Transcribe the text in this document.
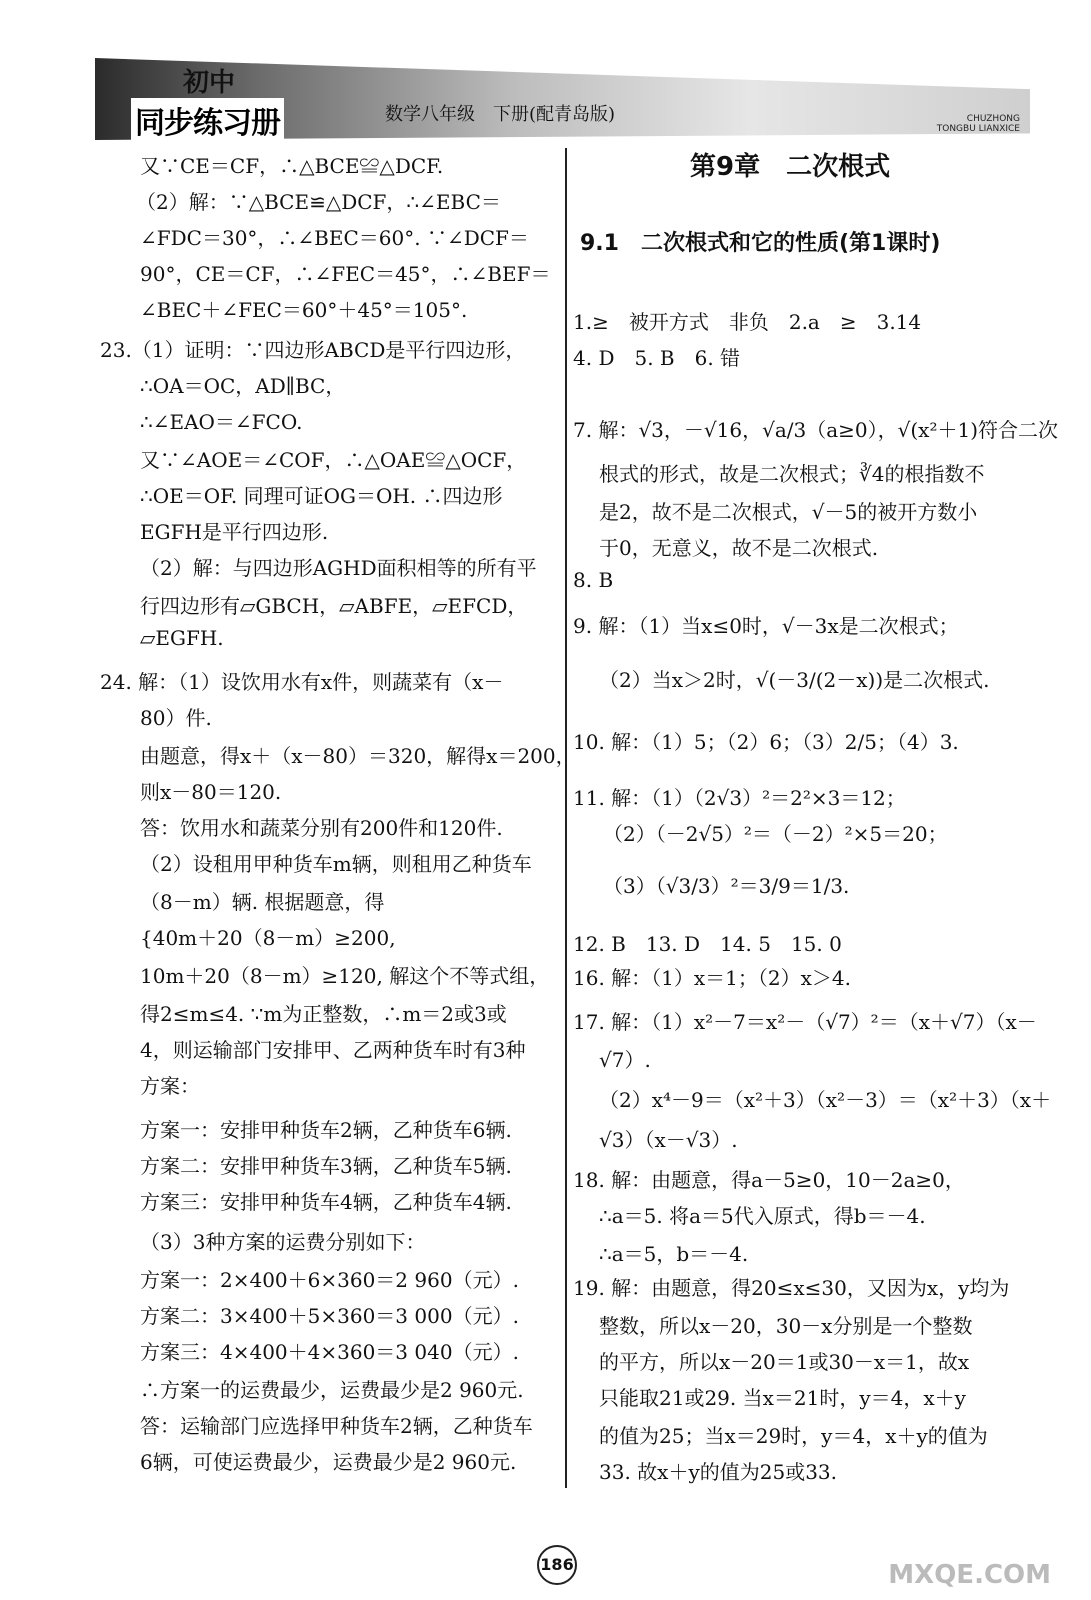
初中
同步练习册	数学八年级　下册(配青岛版)	CHUZHONG
TONGBU LIANXICE
又∵CE＝CF，∴△BCE≌△DCF.
（2）解：∵△BCE≌△DCF，∴∠EBC＝
∠FDC＝30°，∴∠BEC＝60°. ∵∠DCF＝
90°，CE＝CF，∴∠FEC＝45°，∴∠BEF＝
∠BEC＋∠FEC＝60°＋45°＝105°.
23.（1）证明：∵四边形ABCD是平行四边形，
∴OA＝OC，AD∥BC，
∴∠EAO＝∠FCO.
又∵∠AOE＝∠COF，∴△OAE≌△OCF，
∴OE＝OF. 同理可证OG＝OH. ∴四边形
EGFH是平行四边形.
（2）解：与四边形AGHD面积相等的所有平
行四边形有▱GBCH，▱ABFE，▱EFCD，
▱EGFH.
24. 解：（1）设饮用水有x件，则蔬菜有（x－
80）件.
由题意，得x＋（x－80）＝320，解得x＝200，
则x－80＝120.
答：饮用水和蔬菜分别有200件和120件.
（2）设租用甲种货车m辆，则租用乙种货车
（8－m）辆. 根据题意，得
{40m＋20（8－m）≥200,
10m＋20（8－m）≥120, 解这个不等式组，
得2≤m≤4. ∵m为正整数，∴m＝2或3或
4，则运输部门安排甲、乙两种货车时有3种
方案：
方案一：安排甲种货车2辆，乙种货车6辆.
方案二：安排甲种货车3辆，乙种货车5辆.
方案三：安排甲种货车4辆，乙种货车4辆.
（3）3种方案的运费分别如下：
方案一：2×400＋6×360＝2 960（元）.
方案二：3×400＋5×360＝3 000（元）.
方案三：4×400＋4×360＝3 040（元）.
∴方案一的运费最少，运费最少是2 960元.
答：运输部门应选择甲种货车2辆，乙种货车
6辆，可使运费最少，运费最少是2 960元.
第9章　二次根式
9.1　二次根式和它的性质(第1课时)
1.≥　被开方式　非负　2.a　≥　3.14
4. D　5. B　6. 错
7. 解：√3，－√16，√a/3（a≥0），√(x²＋1)符合二次
根式的形式，故是二次根式；∛4的根指数不
是2，故不是二次根式，√－5的被开方数小
于0，无意义，故不是二次根式.
8. B
9. 解：（1）当x≤0时，√－3x是二次根式；
（2）当x＞2时，√(－3/(2－x))是二次根式.
10. 解：（1）5；（2）6；（3）2/5；（4）3.
11. 解：（1）（2√3）²＝2²×3＝12；
（2）（－2√5）²＝（－2）²×5＝20；
（3）（√3/3）²＝3/9＝1/3.
12. B　13. D　14. 5　15. 0
16. 解：（1）x＝1；（2）x＞4.
17. 解：（1）x²－7＝x²－（√7）²＝（x＋√7）（x－
√7）.
（2）x⁴－9＝（x²＋3）（x²－3）＝（x²＋3）（x＋
√3）（x－√3）.
18. 解：由题意，得a－5≥0，10－2a≥0，
∴a＝5. 将a＝5代入原式，得b＝－4.
∴a＝5，b＝－4.
19. 解：由题意，得20≤x≤30，又因为x，y均为
整数，所以x－20，30－x分别是一个整数
的平方，所以x－20＝1或30－x＝1，故x
只能取21或29. 当x＝21时，y＝4，x＋y
的值为25；当x＝29时，y＝4，x＋y的值为
33. 故x＋y的值为25或33.
186	MXQE.COM
